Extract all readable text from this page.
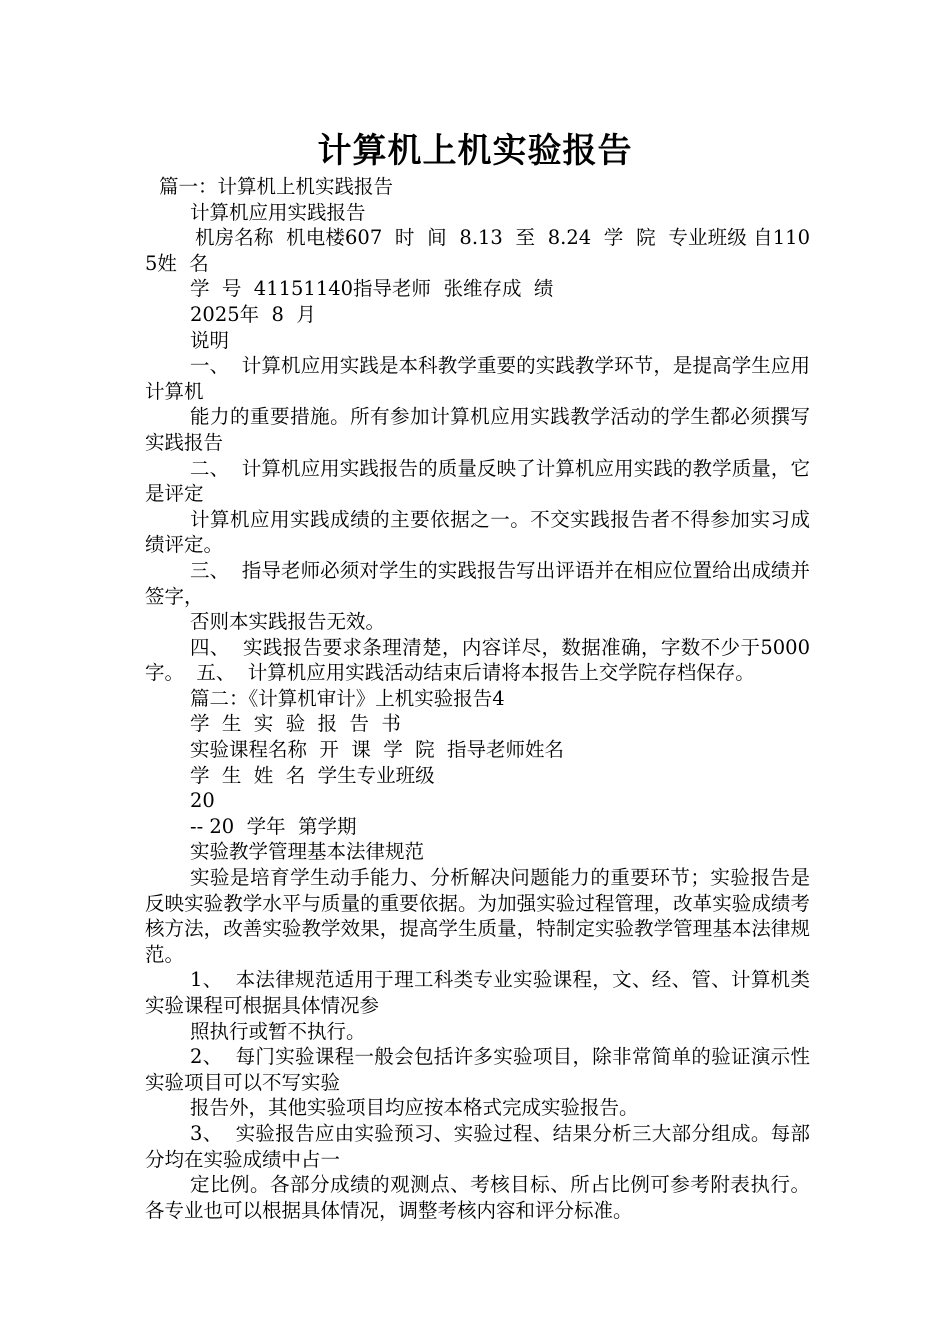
计算机上机实验报告

篇一：计算机上机实践报告

计算机应用实践报告

机房名称  机电楼607  时  间  8.13  至  8.24  学  院  专业班级 自1105姓  名

学  号  41151140指导老师  张维存成  绩

2025年  8  月

说明

一、  计算机应用实践是本科教学重要的实践教学环节，是提高学生应用计算机

能力的重要措施。所有参加计算机应用实践教学活动的学生都必须撰写实践报告

二、  计算机应用实践报告的质量反映了计算机应用实践的教学质量，它是评定

计算机应用实践成绩的主要依据之一。不交实践报告者不得参加实习成绩评定。

三、  指导老师必须对学生的实践报告写出评语并在相应位置给出成绩并签字，

否则本实践报告无效。

四、  实践报告要求条理清楚，内容详尽，数据准确，字数不少于5000字。  五、  计算机应用实践活动结束后请将本报告上交学院存档保存。

篇二：《计算机审计》上机实验报告4

学  生  实  验  报  告  书

实验课程名称  开  课  学  院  指导老师姓名

学  生  姓  名  学生专业班级

20

-- 20  学年  第学期

实验教学管理基本法律规范

实验是培育学生动手能力、分析解决问题能力的重要环节；实验报告是反映实验教学水平与质量的重要依据。为加强实验过程管理，改革实验成绩考核方法，改善实验教学效果，提高学生质量，特制定实验教学管理基本法律规范。

1、  本法律规范适用于理工科类专业实验课程，文、经、管、计算机类实验课程可根据具体情况参

照执行或暂不执行。

2、  每门实验课程一般会包括许多实验项目，除非常简单的验证演示性实验项目可以不写实验

报告外，其他实验项目均应按本格式完成实验报告。

3、  实验报告应由实验预习、实验过程、结果分析三大部分组成。每部分均在实验成绩中占一

定比例。各部分成绩的观测点、考核目标、所占比例可参考附表执行。各专业也可以根据具体情况，调整考核内容和评分标准。
